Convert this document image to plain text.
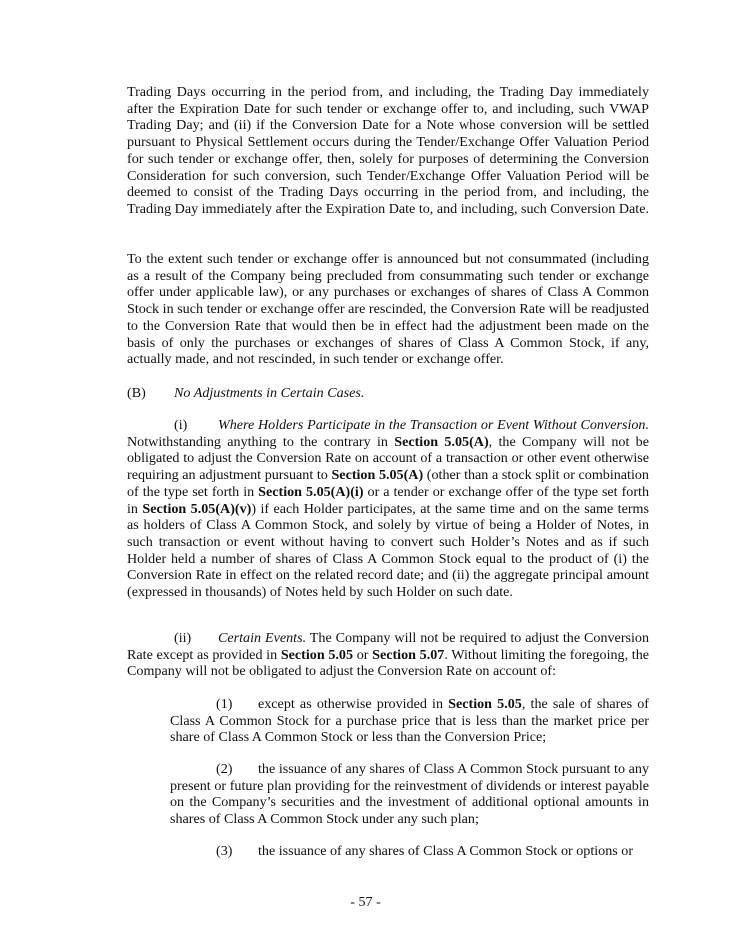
Trading Days occurring in the period from, and including, the Trading Day immediately after the Expiration Date for such tender or exchange offer to, and including, such VWAP Trading Day; and (ii) if the Conversion Date for a Note whose conversion will be settled pursuant to Physical Settlement occurs during the Tender/Exchange Offer Valuation Period for such tender or exchange offer, then, solely for purposes of determining the Conversion Consideration for such conversion, such Tender/Exchange Offer Valuation Period will be deemed to consist of the Trading Days occurring in the period from, and including, the Trading Day immediately after the Expiration Date to, and including, such Conversion Date.

To the extent such tender or exchange offer is announced but not consummated (including as a result of the Company being precluded from consummating such tender or exchange offer under applicable law), or any purchases or exchanges of shares of Class A Common Stock in such tender or exchange offer are rescinded, the Conversion Rate will be readjusted to the Conversion Rate that would then be in effect had the adjustment been made on the basis of only the purchases or exchanges of shares of Class A Common Stock, if any, actually made, and not rescinded, in such tender or exchange offer.

(B) No Adjustments in Certain Cases.

(i) Where Holders Participate in the Transaction or Event Without Conversion. Notwithstanding anything to the contrary in Section 5.05(A), the Company will not be obligated to adjust the Conversion Rate on account of a transaction or other event otherwise requiring an adjustment pursuant to Section 5.05(A) (other than a stock split or combination of the type set forth in Section 5.05(A)(i) or a tender or exchange offer of the type set forth in Section 5.05(A)(v)) if each Holder participates, at the same time and on the same terms as holders of Class A Common Stock, and solely by virtue of being a Holder of Notes, in such transaction or event without having to convert such Holder’s Notes and as if such Holder held a number of shares of Class A Common Stock equal to the product of (i) the Conversion Rate in effect on the related record date; and (ii) the aggregate principal amount (expressed in thousands) of Notes held by such Holder on such date.

(ii) Certain Events. The Company will not be required to adjust the Conversion Rate except as provided in Section 5.05 or Section 5.07. Without limiting the foregoing, the Company will not be obligated to adjust the Conversion Rate on account of:

(1) except as otherwise provided in Section 5.05, the sale of shares of Class A Common Stock for a purchase price that is less than the market price per share of Class A Common Stock or less than the Conversion Price;

(2) the issuance of any shares of Class A Common Stock pursuant to any present or future plan providing for the reinvestment of dividends or interest payable on the Company’s securities and the investment of additional optional amounts in shares of Class A Common Stock under any such plan;

(3) the issuance of any shares of Class A Common Stock or options or

- 57 -
